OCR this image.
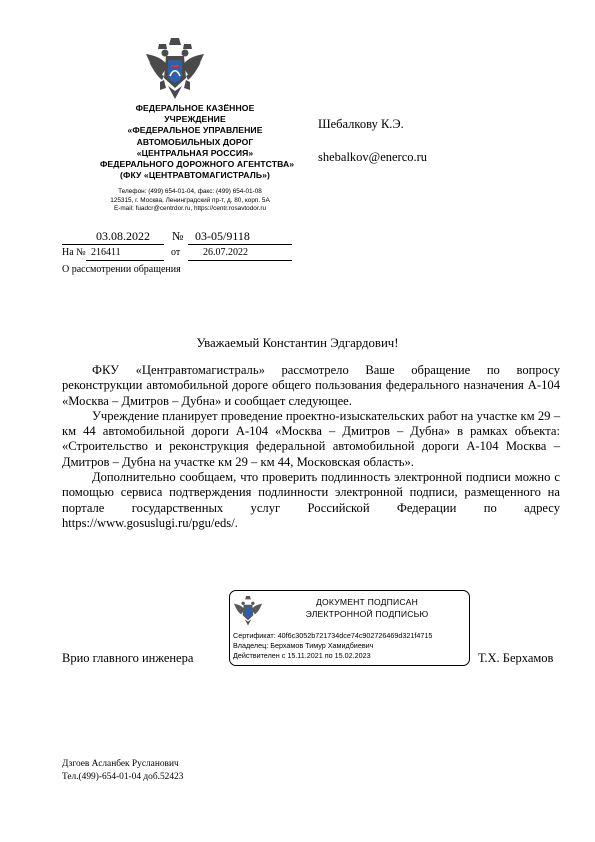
ФЕДЕРАЛЬНОЕ КАЗЁННОЕ
УЧРЕЖДЕНИЕ
«ФЕДЕРАЛЬНОЕ УПРАВЛЕНИЕ
АВТОМОБИЛЬНЫХ ДОРОГ
«ЦЕНТРАЛЬНАЯ РОССИЯ»
ФЕДЕРАЛЬНОГО ДОРОЖНОГО АГЕНТСТВА»
(ФКУ «ЦЕНТРАВТОМАГИСТРАЛЬ»)
Телефон: (499) 654-01-04, факс: (499) 654-01-08
125315, г. Москва, Ленинградский пр-т, д. 80, корп. 5А
E-mail: fuadcr@centrdor.ru, https://centr.rosavtodor.ru
Шебалкову К.Э.
shebalkov@enerco.ru
03.08.2022 № 03-05/9118
На № 216411	от 26.07.2022
О рассмотрении обращения
Уважаемый Константин Эдгардович!

ФКУ «Центравтомагистраль» рассмотрело Ваше обращение по вопросу реконструкции автомобильной дороге общего пользования федерального назначения А-104 «Москва – Дмитров – Дубна» и сообщает следующее.

Учреждение планирует проведение проектно-изыскательских работ на участке км 29 – км 44 автомобильной дороги А-104 «Москва – Дмитров – Дубна» в рамках объекта: «Строительство и реконструкция федеральной автомобильной дороги А-104 Москва – Дмитров – Дубна на участке км 29 – км 44, Московская область».

Дополнительно сообщаем, что проверить подлинность электронной подписи можно с помощью сервиса подтверждения подлинности электронной подписи, размещенного на портале государственных услуг Российской Федерации по адресу https://www.gosuslugi.ru/pgu/eds/.

ДОКУМЕНТ ПОДПИСАН
ЭЛЕКТРОННОЙ ПОДПИСЬЮ
Сертификат: 40f6c3052b721734dce74c902726469d321f4715
Владелец: Берхамов Тимур Хамидбиевич
Действителен с 15.11.2021 по 15.02.2023
Врио главного инженера	Т.Х. Берхамов
Дзгоев Асланбек Русланович
Тел.(499)-654-01-04 доб.52423
